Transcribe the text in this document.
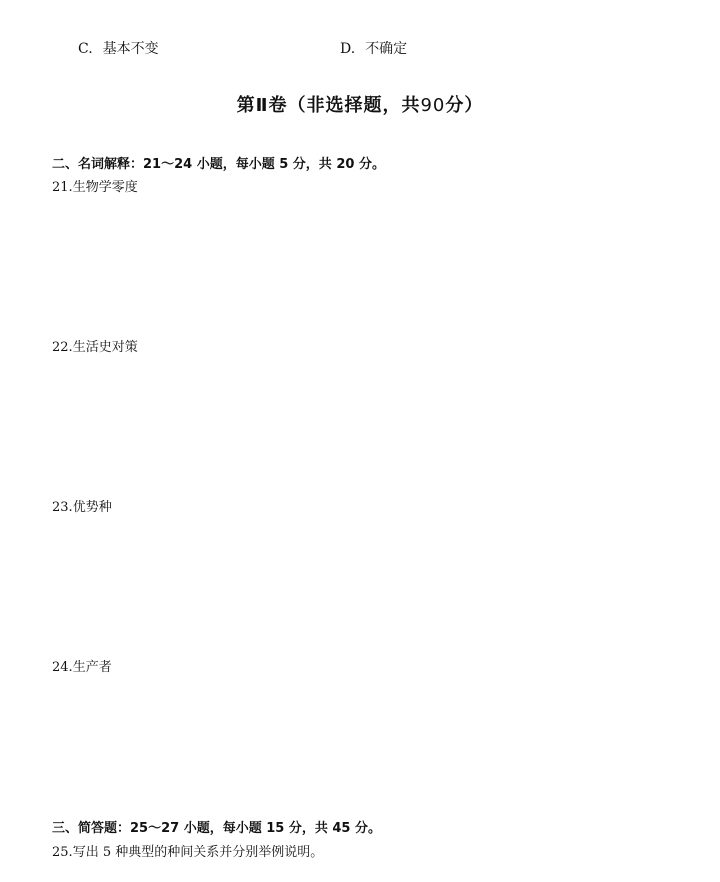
C. 基本不变	D. 不确定
第Ⅱ卷（非选择题，共90分）
二、名词解释：21～24 小题，每小题 5 分，共 20 分。
21.生物学零度
22.生活史对策
23.优势种
24.生产者
三、简答题：25～27 小题，每小题 15 分，共 45 分。
25.写出 5 种典型的种间关系并分别举例说明。
